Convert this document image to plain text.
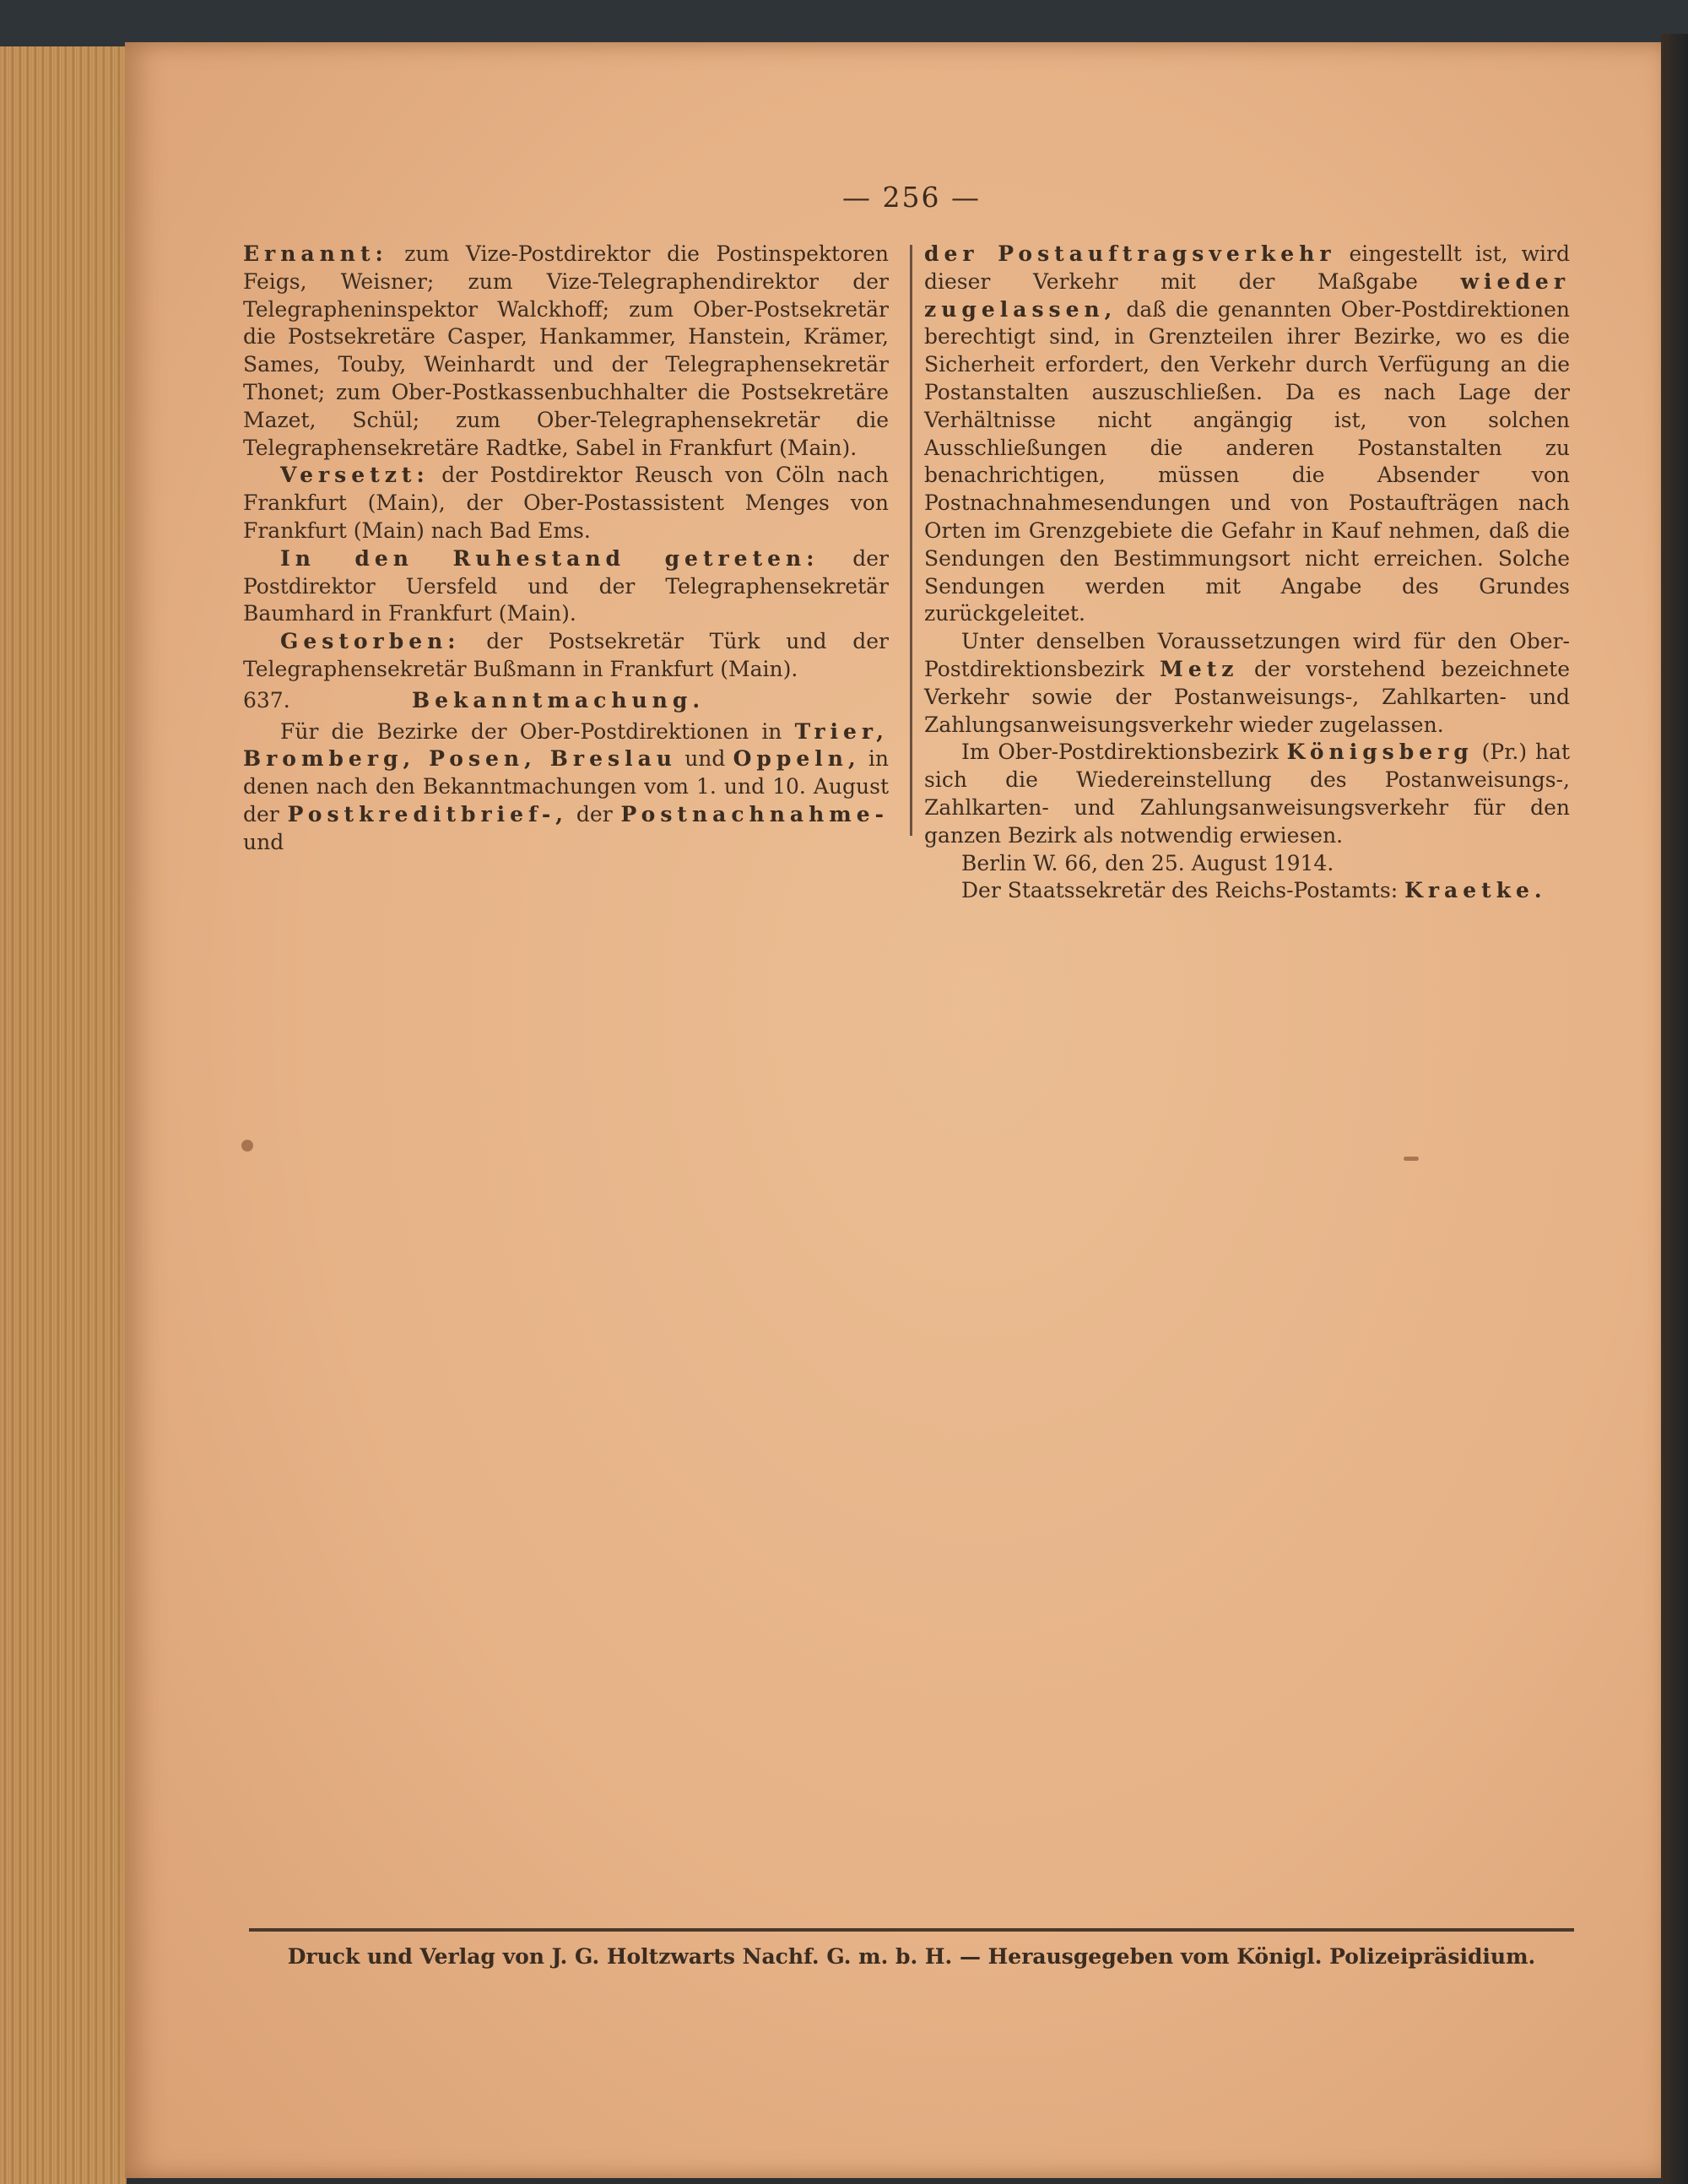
— 256 —

Ernannt: zum Vize-Postdirektor die Postinspektoren Feigs, Weisner; zum Vize-Telegraphendirektor der Telegrapheninspektor Walckhoff; zum Ober-Postsekretär die Postsekretäre Casper, Hankammer, Hanstein, Krämer, Sames, Touby, Weinhardt und der Telegraphensekretär Thonet; zum Ober-Postkassenbuchhalter die Postsekretäre Mazet, Schül; zum Ober-Telegraphensekretär die Telegraphensekretäre Radtke, Sabel in Frankfurt (Main).

Versetzt: der Postdirektor Reusch von Cöln nach Frankfurt (Main), der Ober-Postassistent Menges von Frankfurt (Main) nach Bad Ems.

In den Ruhestand getreten: der Postdirektor Uersfeld und der Telegraphensekretär Baumhard in Frankfurt (Main).

Gestorben: der Postsekretär Türk und der Telegraphensekretär Bußmann in Frankfurt (Main).

637.	Bekanntmachung.

Für die Bezirke der Ober-Postdirektionen in Trier, Bromberg, Posen, Breslau und Oppeln, in denen nach den Bekanntmachungen vom 1. und 10. August der Postkreditbrief-, der Postnachnahme- und

der Postauftragsverkehr eingestellt ist, wird dieser Verkehr mit der Maßgabe wieder zugelassen, daß die genannten Ober-Postdirektionen berechtigt sind, in Grenzteilen ihrer Bezirke, wo es die Sicherheit erfordert, den Verkehr durch Verfügung an die Postanstalten auszuschließen. Da es nach Lage der Verhältnisse nicht angängig ist, von solchen Ausschließungen die anderen Postanstalten zu benachrichtigen, müssen die Absender von Postnachnahmesendungen und von Postaufträgen nach Orten im Grenzgebiete die Gefahr in Kauf nehmen, daß die Sendungen den Bestimmungsort nicht erreichen. Solche Sendungen werden mit Angabe des Grundes zurückgeleitet.

Unter denselben Voraussetzungen wird für den Ober-Postdirektionsbezirk Metz der vorstehend bezeichnete Verkehr sowie der Postanweisungs-, Zahlkarten- und Zahlungsanweisungsverkehr wieder zugelassen.

Im Ober-Postdirektionsbezirk Königsberg (Pr.) hat sich die Wiedereinstellung des Postanweisungs-, Zahlkarten- und Zahlungsanweisungsverkehr für den ganzen Bezirk als notwendig erwiesen.

Berlin W. 66, den 25. August 1914.

Der Staatssekretär des Reichs-Postamts: Kraetke.

Druck und Verlag von J. G. Holtzwarts Nachf. G. m. b. H. — Herausgegeben vom Königl. Polizeipräsidium.
